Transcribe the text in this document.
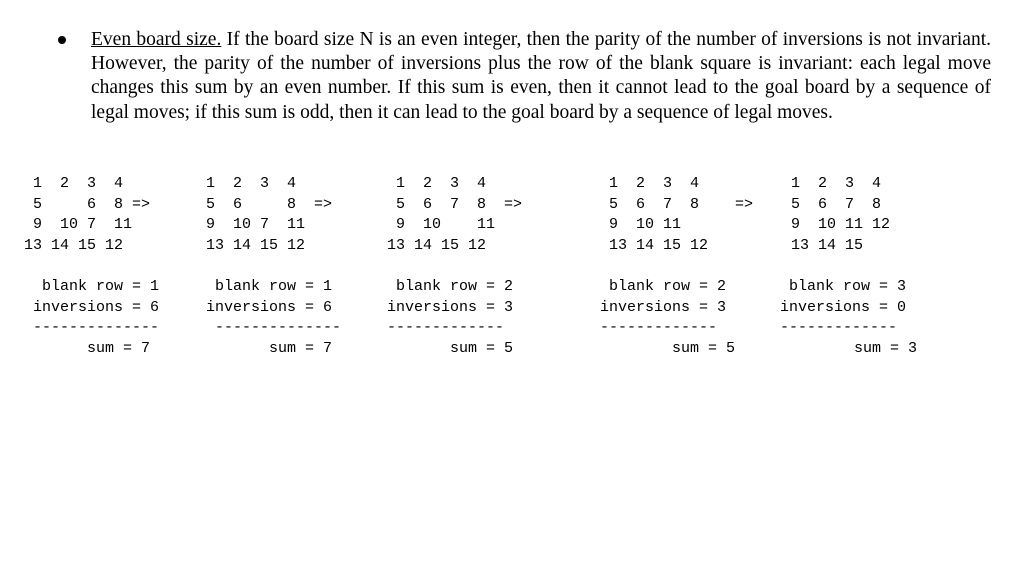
Even board size. If the board size N is an even integer, then the parity of the number of inversions is not invariant. However, the parity of the number of inversions plus the row of the blank square is invariant: each legal move changes this sum by an even number. If this sum is even, then it cannot lead to the goal board by a sequence of legal moves; if this sum is odd, then it can lead to the goal board by a sequence of legal moves.
1  2  3  4
5     6  8 =>
9  10 7  11
13 14 15 12
blank row = 1
inversions = 6
--------------
sum = 7
1  2  3  4
5  6     8  =>
9  10 7  11
13 14 15 12
blank row = 1
inversions = 6
--------------
sum = 7
1  2  3  4
5  6  7  8  =>
9  10    11
13 14 15 12
blank row = 2
inversions = 3
-------------
sum = 5
1  2  3  4
5  6  7  8    =>
9  10 11
13 14 15 12
blank row = 2
inversions = 3
-------------
sum = 5
1  2  3  4
5  6  7  8
9  10 11 12
13 14 15
blank row = 3
inversions = 0
-------------
sum = 3
